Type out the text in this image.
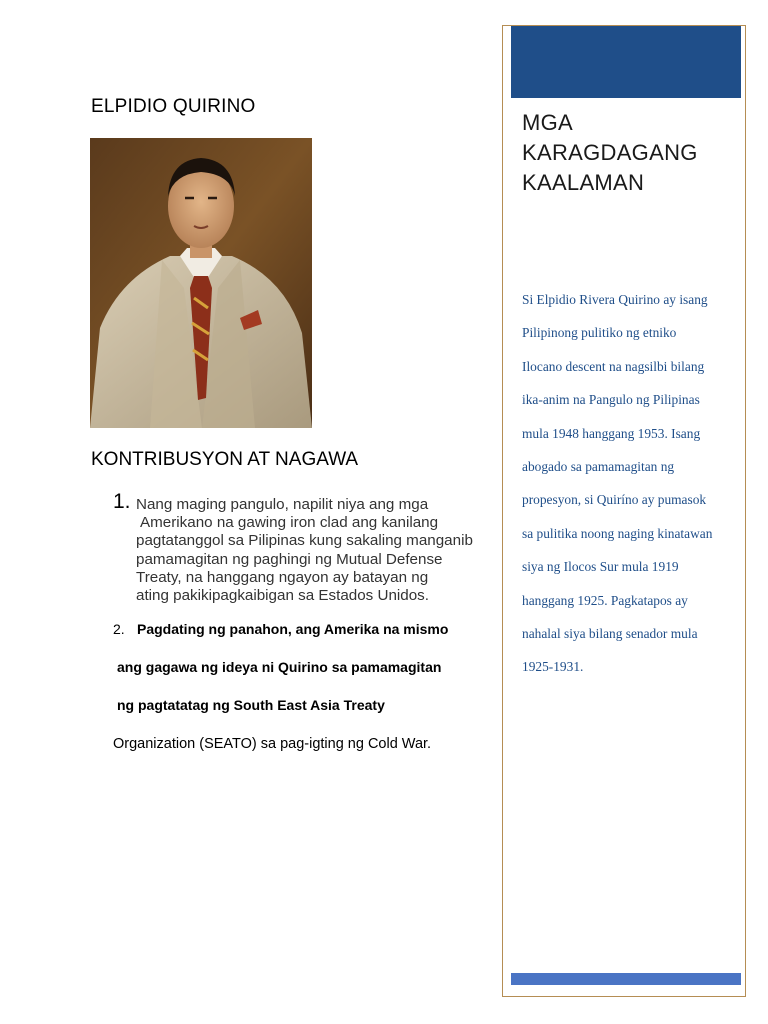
ELPIDIO QUIRINO
KONTRIBUSYON AT NAGAWA
1. Nang maging pangulo, napilit niya ang mga
Amerikano na gawing iron clad ang kanilang
pagtatanggol sa Pilipinas kung sakaling manganib
pamamagitan ng paghingi ng Mutual Defense
Treaty, na hanggang ngayon ay batayan ng
ating pakikipagkaibigan sa Estados Unidos.
2. Pagdating ng panahon, ang Amerika na mismo
ang gagawa ng ideya ni Quirino sa pamamagitan
ng pagtatatag ng South East Asia Treaty
Organization (SEATO) sa pag-igting ng Cold War.
MGA
KARAGDAGANG
KAALAMAN
Si Elpidio Rivera Quirino ay isang
Pilipinong pulitiko ng etniko
Ilocano descent na nagsilbi bilang
ika-anim na Pangulo ng Pilipinas
mula 1948 hanggang 1953. Isang
abogado sa pamamagitan ng
propesyon, si Quiríno ay pumasok
sa pulitika noong naging kinatawan
siya ng Ilocos Sur mula 1919
hanggang 1925. Pagkatapos ay
nahalal siya bilang senador mula
1925-1931.
